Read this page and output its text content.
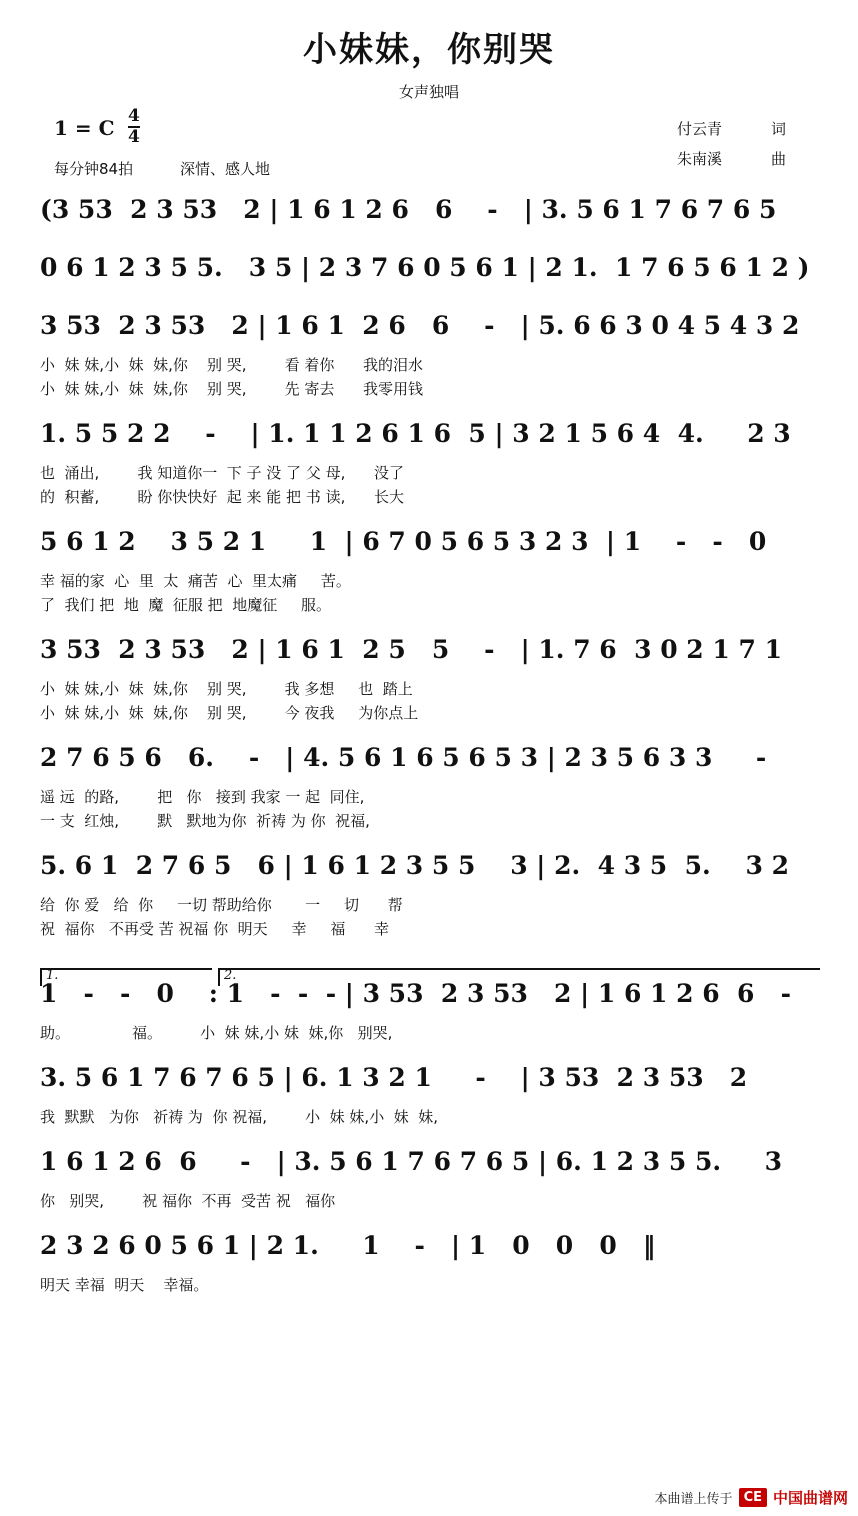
小妹妹，你别哭
女声独唱
1 = C $\frac{4}{4}$
每分钟84拍	深情、感人地
付云青	词
朱南溪	曲
(3 53  2 3 53   2 | 1 6 1 2 6   6    -   | 3. 5 6 1 7 6 7 6 5
0 6 1 2 3 5 5.   3 5 | 2 3 7 6 0 5 6 1 | 2 1.  1 7 6 5 6 1 2 )
3 53  2 3 53   2 | 1 6 1  2 6   6    -   | 5. 6 6 3 0 4 5 4 3 2
小  妹 妹,小  妹  妹,你    别 哭,        看 着你      我的泪水
小  妹 妹,小  妹  妹,你    别 哭,        先 寄去      我零用钱
1. 5 5 2 2    -    | 1. 1 1 2 6 1 6  5 | 3 2 1 5 6 4  4.     2 3
也  涌出,        我 知道你一  下 子 没 了 父 母,      没了
的  积蓄,        盼 你快快好  起 来 能 把 书 读,      长大
5 6 1 2    3 5 2 1     1  | 6 7 0 5 6 5 3 2 3  | 1    -   -   0
幸 福的家  心  里  太  痛苦  心  里太痛     苦。
了  我们 把  地  魔  征服 把  地魔征     服。
3 53  2 3 53   2 | 1 6 1  2 5   5    -   | 1. 7 6  3 0 2 1 7 1
小  妹 妹,小  妹  妹,你    别 哭,        我 多想     也  踏上
小  妹 妹,小  妹  妹,你    别 哭,        今 夜我     为你点上
2 7 6 5 6   6.    -   | 4. 5 6 1 6 5 6 5 3 | 2 3 5 6 3 3     -
遥 远  的路,        把   你   接到 我家 一 起  同住,
一 支  红烛,        默   默地为你  祈祷 为 你  祝福,
5. 6 1  2 7 6 5   6 | 1 6 1 2 3 5 5    3 | 2.  4 3 5  5.    3 2
给  你 爱   给  你     一切 帮助给你       一     切      帮
祝  福你   不再受 苦 祝福 你  明天     幸     福      幸
1.	2.
1   -   -   0    : 1   -  -  - | 3 53  2 3 53   2 | 1 6 1 2 6  6   -
助。             福。        小  妹 妹,小 妹  妹,你   别哭,
3. 5 6 1 7 6 7 6 5 | 6. 1 3 2 1     -    | 3 53  2 3 53   2
我  默默   为你   祈祷 为  你 祝福,        小  妹 妹,小  妹  妹,
1 6 1 2 6  6     -   | 3. 5 6 1 7 6 7 6 5 | 6. 1 2 3 5 5.     3
你   别哭,        祝 福你  不再  受苦 祝   福你
2 3 2 6 0 5 6 1 | 2 1.     1    -   | 1   0   0   0   ‖
明天 幸福  明天    幸福。
本曲谱上传于 CE 中国曲谱网
